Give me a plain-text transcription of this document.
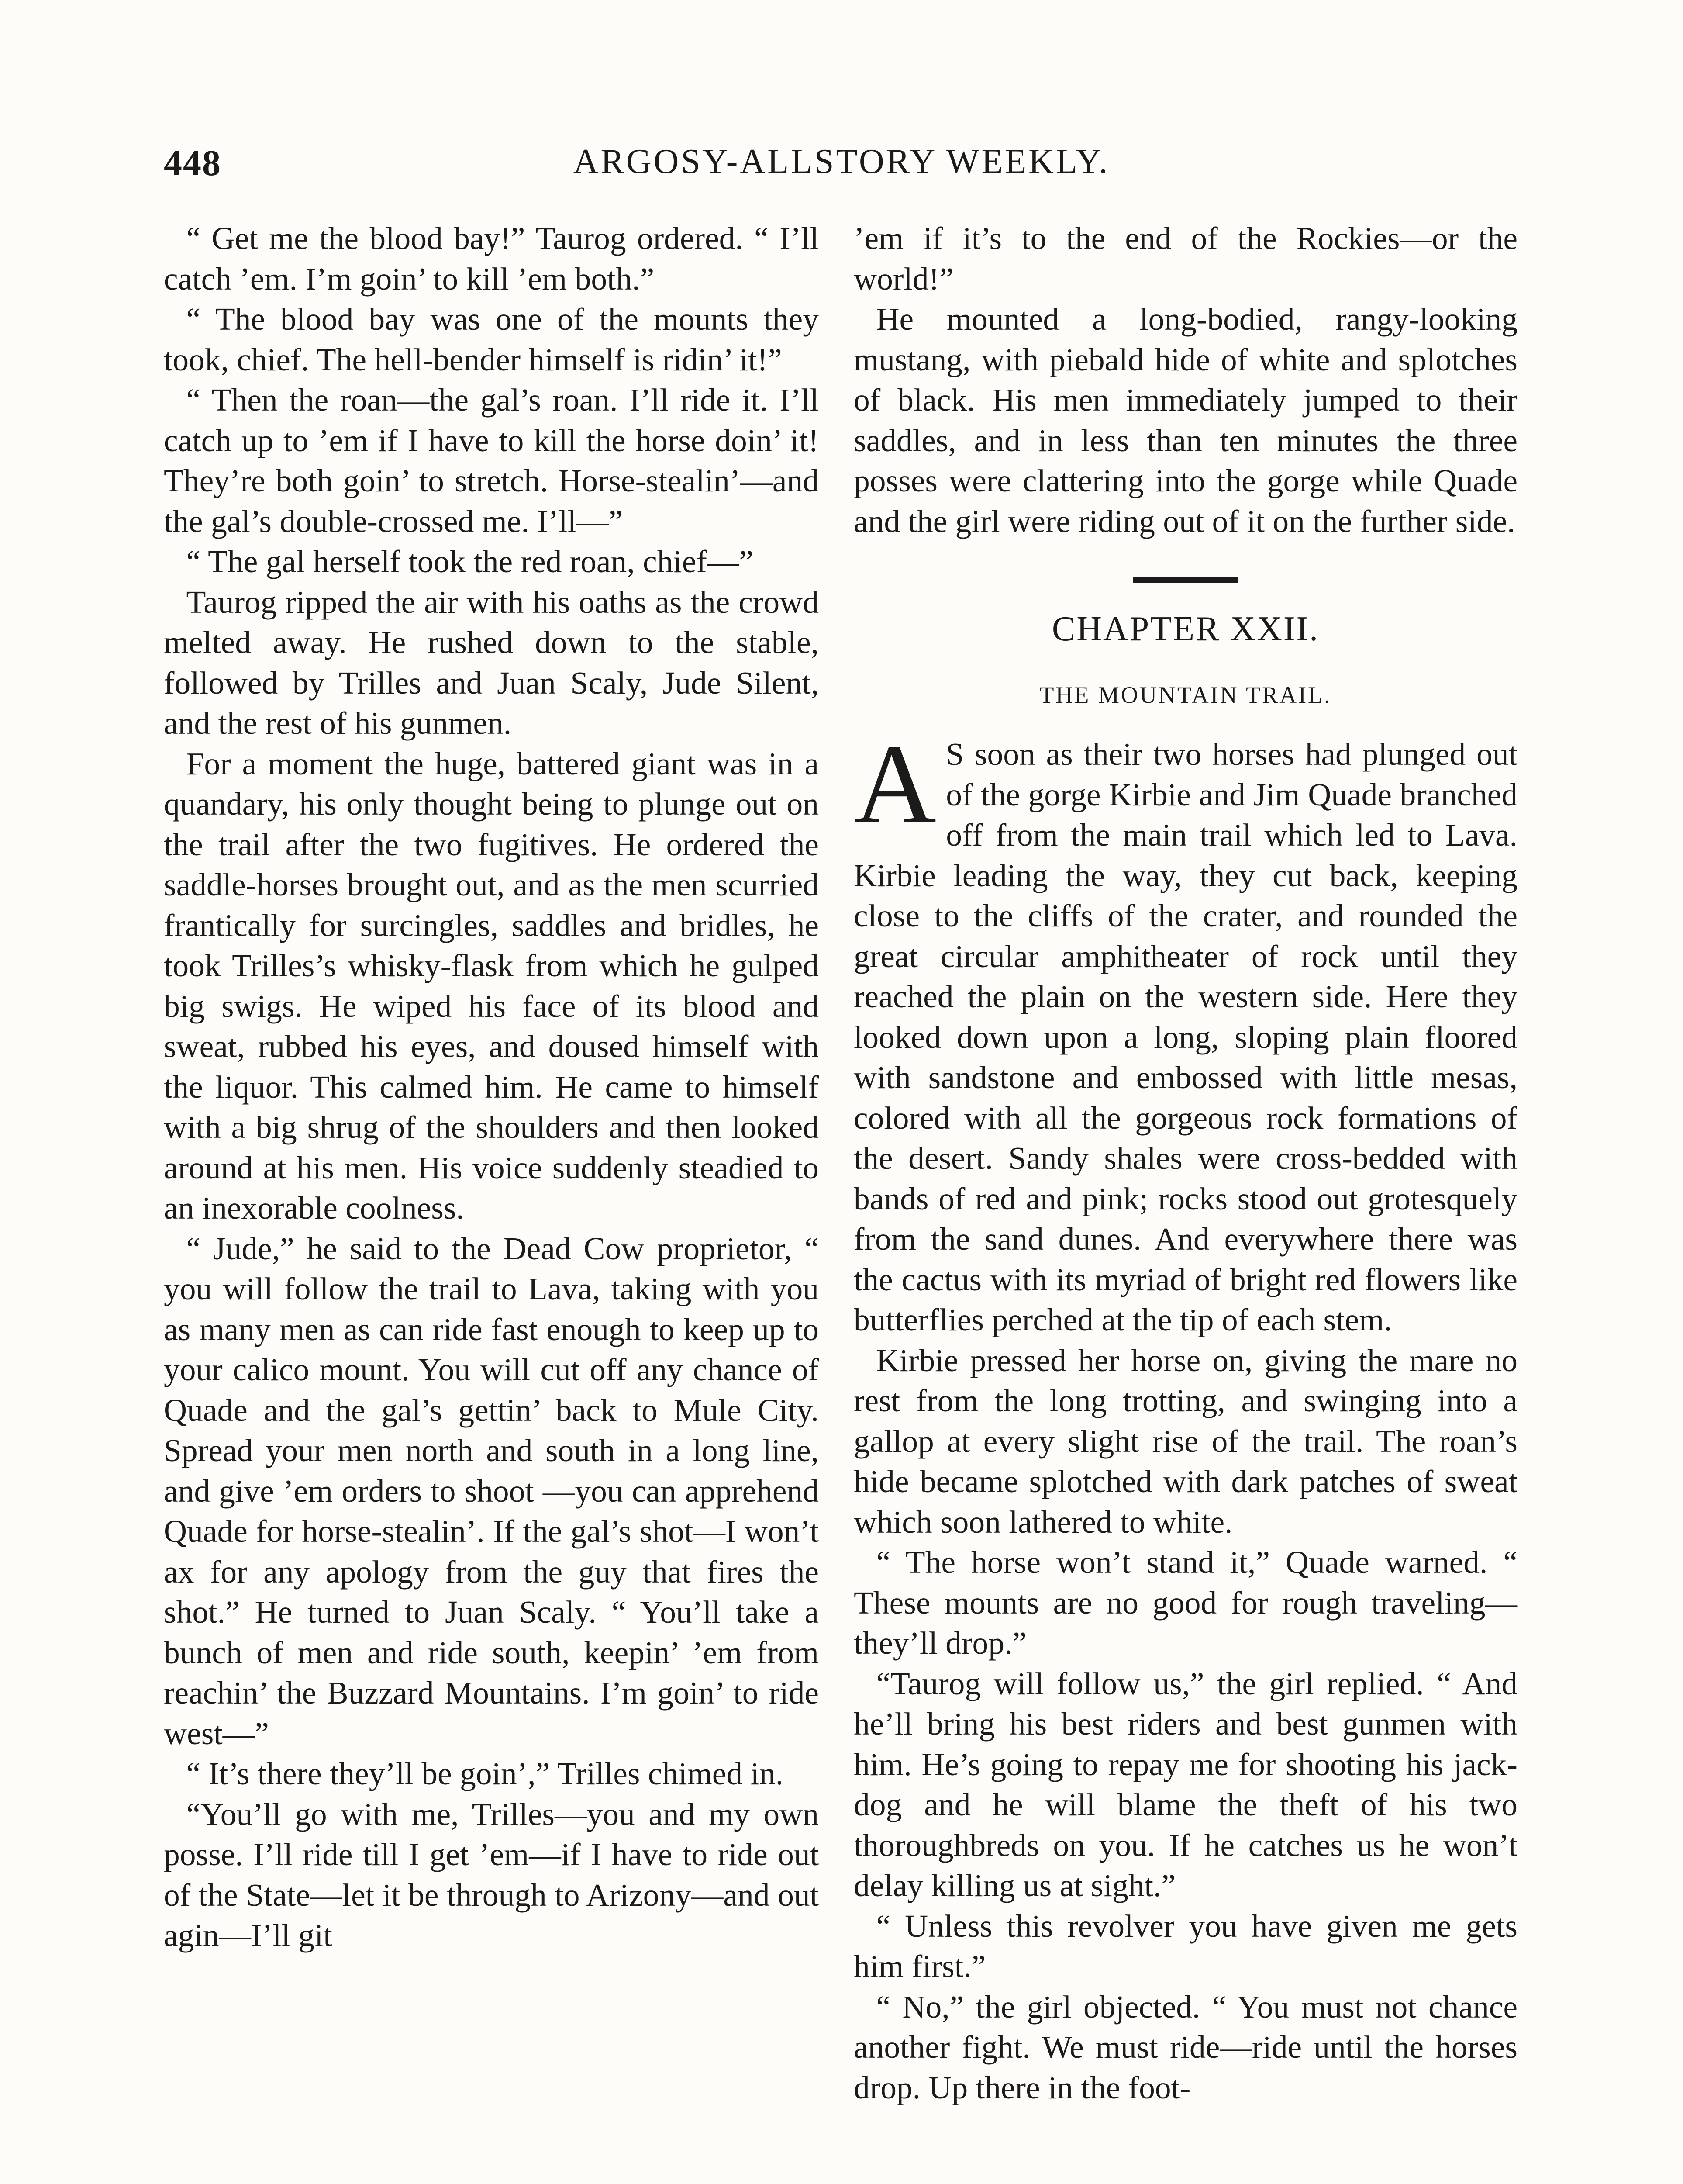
ARGOSY-ALLSTORY WEEKLY.
448

“ Get me the blood bay!” Taurog ordered. “ I’ll catch ’em. I’m goin’ to kill ’em both.”

“ The blood bay was one of the mounts they took, chief. The hell-bender himself is ridin’ it!”

“ Then the roan—the gal’s roan. I’ll ride it. I’ll catch up to ’em if I have to kill the horse doin’ it! They’re both goin’ to stretch. Horse-stealin’—and the gal’s double-crossed me. I’ll—”

“ The gal herself took the red roan, chief—”

Taurog ripped the air with his oaths as the crowd melted away. He rushed down to the stable, followed by Trilles and Juan Scaly, Jude Silent, and the rest of his gunmen.

For a moment the huge, battered giant was in a quandary, his only thought being to plunge out on the trail after the two fugitives. He ordered the saddle-horses brought out, and as the men scurried frantically for surcingles, saddles and bridles, he took Trilles’s whisky-flask from which he gulped big swigs. He wiped his face of its blood and sweat, rubbed his eyes, and doused himself with the liquor. This calmed him. He came to himself with a big shrug of the shoulders and then looked around at his men. His voice suddenly steadied to an inexorable coolness.

“ Jude,” he said to the Dead Cow proprietor, “ you will follow the trail to Lava, taking with you as many men as can ride fast enough to keep up to your calico mount. You will cut off any chance of Quade and the gal’s gettin’ back to Mule City. Spread your men north and south in a long line, and give ’em orders to shoot —you can apprehend Quade for horse-stealin’. If the gal’s shot—I won’t ax for any apology from the guy that fires the shot.” He turned to Juan Scaly. “ You’ll take a bunch of men and ride south, keepin’ ’em from reachin’ the Buzzard Mountains. I’m goin’ to ride west—”

“ It’s there they’ll be goin’,” Trilles chimed in.

“You’ll go with me, Trilles—you and my own posse. I’ll ride till I get ’em—if I have to ride out of the State—let it be through to Arizony—and out agin—I’ll git

’em if it’s to the end of the Rockies—or the world!”

He mounted a long-bodied, rangy-looking mustang, with piebald hide of white and splotches of black. His men immediately jumped to their saddles, and in less than ten minutes the three posses were clattering into the gorge while Quade and the girl were riding out of it on the further side.

CHAPTER XXII.
THE MOUNTAIN TRAIL.

A S soon as their two horses had plunged out of the gorge Kirbie and Jim Quade branched off from the main trail which led to Lava. Kirbie leading the way, they cut back, keeping close to the cliffs of the crater, and rounded the great circular amphitheater of rock until they reached the plain on the western side. Here they looked down upon a long, sloping plain floored with sandstone and embossed with little mesas, colored with all the gorgeous rock formations of the desert. Sandy shales were cross-bedded with bands of red and pink; rocks stood out grotesquely from the sand dunes. And everywhere there was the cactus with its myriad of bright red flowers like butterflies perched at the tip of each stem.

Kirbie pressed her horse on, giving the mare no rest from the long trotting, and swinging into a gallop at every slight rise of the trail. The roan’s hide became splotched with dark patches of sweat which soon lathered to white.

“ The horse won’t stand it,” Quade warned. “ These mounts are no good for rough traveling—they’ll drop.”

“Taurog will follow us,” the girl replied. “ And he’ll bring his best riders and best gunmen with him. He’s going to repay me for shooting his jack-dog and he will blame the theft of his two thoroughbreds on you. If he catches us he won’t delay killing us at sight.”

“ Unless this revolver you have given me gets him first.”

“ No,” the girl objected. “ You must not chance another fight. We must ride—ride until the horses drop. Up there in the foot-
